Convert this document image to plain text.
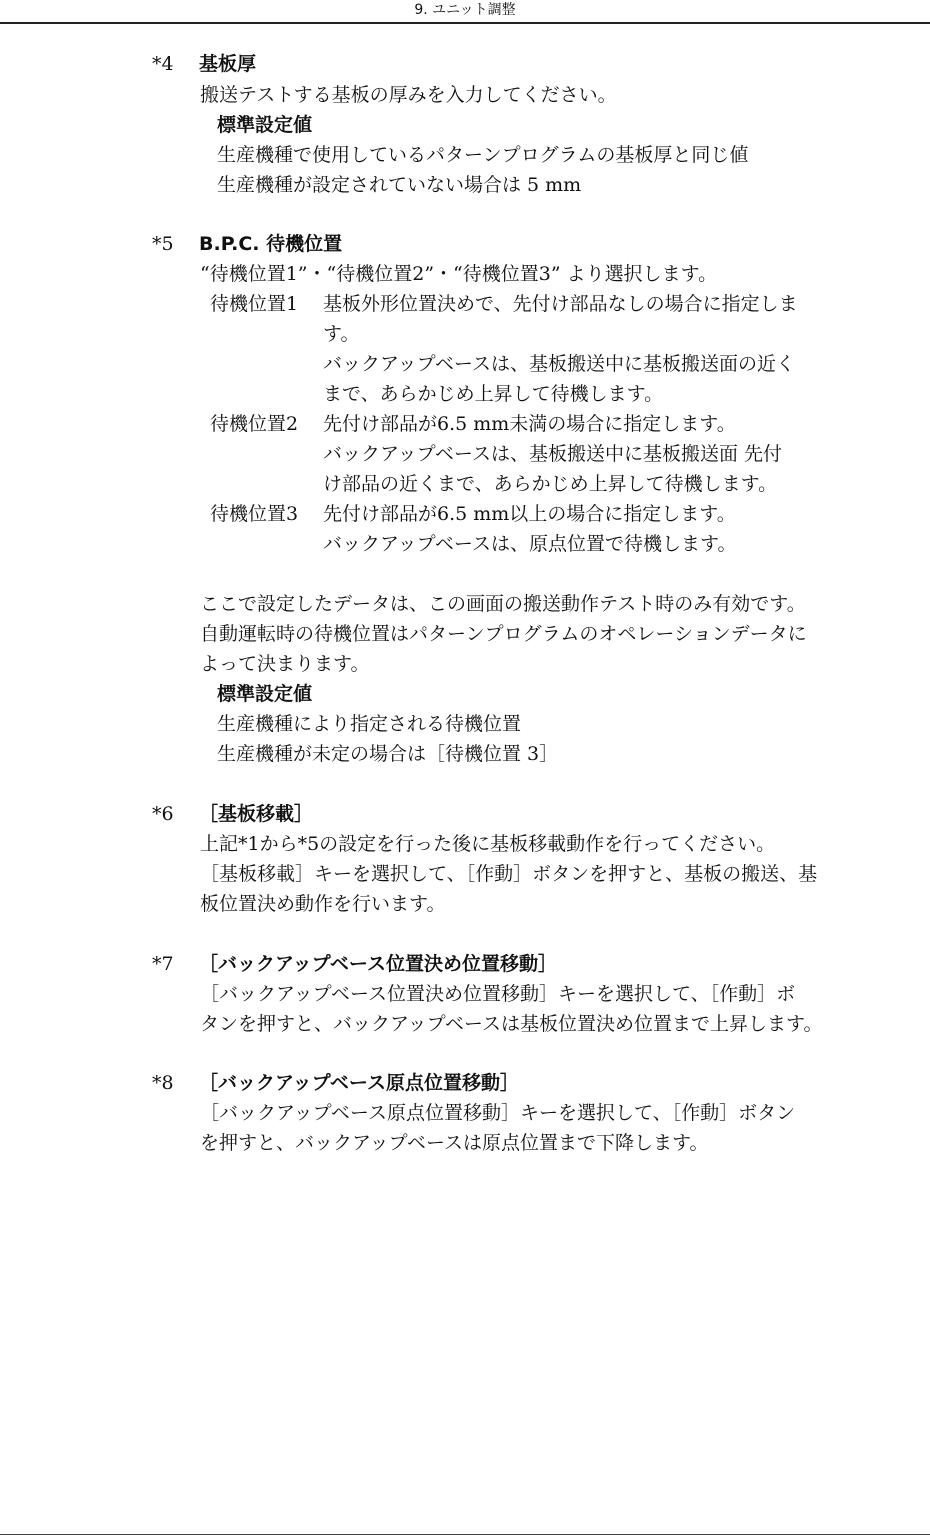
9. ユニット調整
*4 基板厚
搬送テストする基板の厚みを入力してください。
標準設定値
生産機種で使用しているパターンプログラムの基板厚と同じ値
生産機種が設定されていない場合は 5 mm
*5 B.P.C. 待機位置
“待機位置1”・“待機位置2”・“待機位置3” より選択します。
待機位置1 基板外形位置決めで、先付け部品なしの場合に指定しま
す。
バックアップベースは、基板搬送中に基板搬送面の近く
まで、あらかじめ上昇して待機します。
待機位置2 先付け部品が6.5 mm未満の場合に指定します。
バックアップベースは、基板搬送中に基板搬送面 先付
け部品の近くまで、あらかじめ上昇して待機します。
待機位置3 先付け部品が6.5 mm以上の場合に指定します。
バックアップベースは、原点位置で待機します。
ここで設定したデータは、この画面の搬送動作テスト時のみ有効です。
自動運転時の待機位置はパターンプログラムのオペレーションデータに
よって決まります。
標準設定値
生産機種により指定される待機位置
生産機種が未定の場合は［待機位置 3］
*6 ［基板移載］
上記*1から*5の設定を行った後に基板移載動作を行ってください。
［基板移載］キーを選択して、［作動］ボタンを押すと、基板の搬送、基
板位置決め動作を行います。
*7 ［バックアップベース位置決め位置移動］
［バックアップベース位置決め位置移動］キーを選択して、［作動］ボ
タンを押すと、バックアップベースは基板位置決め位置まで上昇します。
*8 ［バックアップベース原点位置移動］
［バックアップベース原点位置移動］キーを選択して、［作動］ボタン
を押すと、バックアップベースは原点位置まで下降します。
